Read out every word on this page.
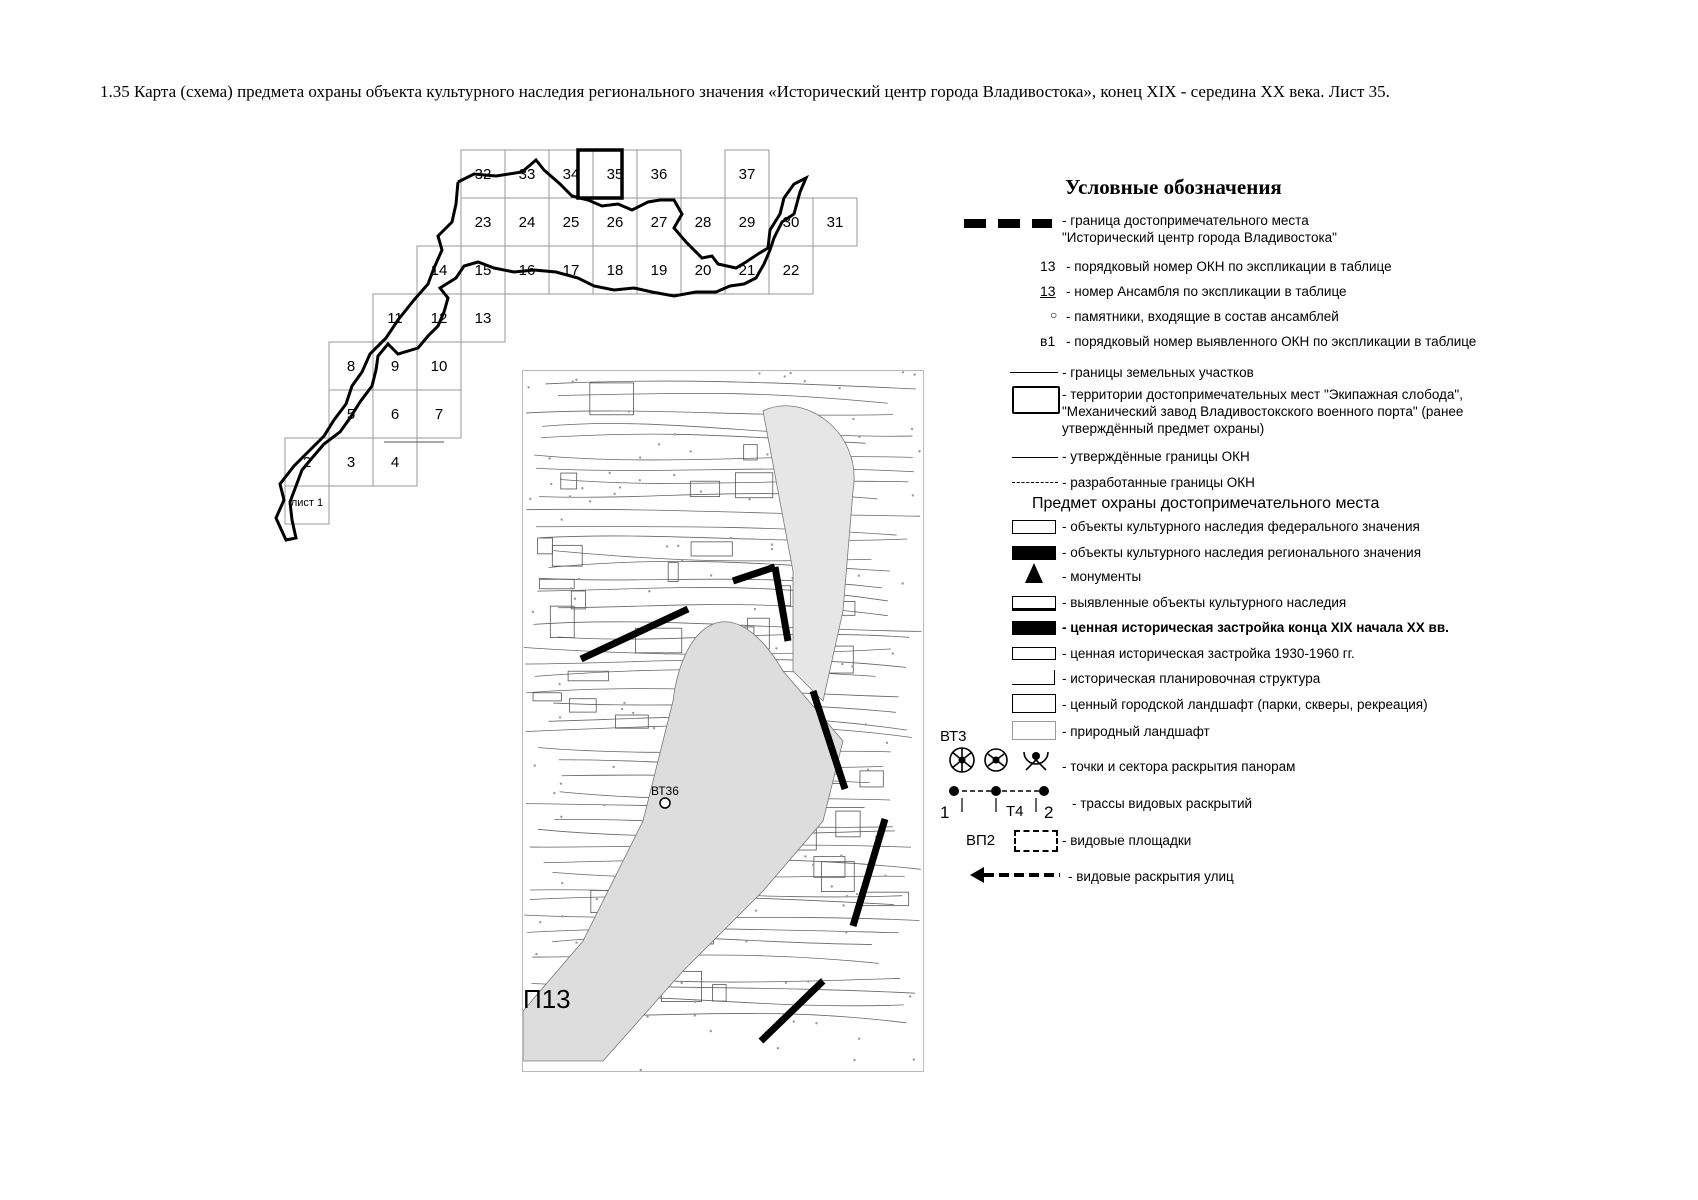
1.35 Карта (схема) предмета охраны объекта культурного наследия регионального значения «Исторический центр города Владивостока», конец XIX - середина XX века. Лист 35.
32 33 34 35 36	37
23 24 25 26 27 28 29 30 31
14 15 16 17 18 19 20 21 22
11 12 13
8 9 10
5 6 7
2 3 4
лист 1
ВТ36
П13
Условные обозначения
- граница достопримечательного места "Исторический центр города Владивостока"
13 - порядковый номер ОКН по экспликации в таблице
13 - номер Ансамбля по экспликации в таблице
○ - памятники, входящие в состав ансамблей
в1 - порядковый номер выявленного ОКН по экспликации в таблице
- границы земельных участков
- территории достопримечательных мест "Экипажная слобода", "Механический завод Владивостокского военного порта" (ранее утверждённый предмет охраны)
- утверждённые границы ОКН
- разработанные границы ОКН
Предмет охраны достопримечательного места
- объекты культурного наследия федерального значения
- объекты культурного наследия регионального значения
- монументы
- выявленные объекты культурного наследия
- ценная историческая застройка конца XIX начала XX вв.
- ценная историческая застройка 1930-1960 гг.
- историческая планировочная структура
- ценный городской ландшафт (парки, скверы, рекреация)
- природный ландшафт
ВТ3
- точки и сектора раскрытия панорам
1	Т4 2 - трассы видовых раскрытий
ВП2	- видовые площадки
- видовые раскрытия улиц
